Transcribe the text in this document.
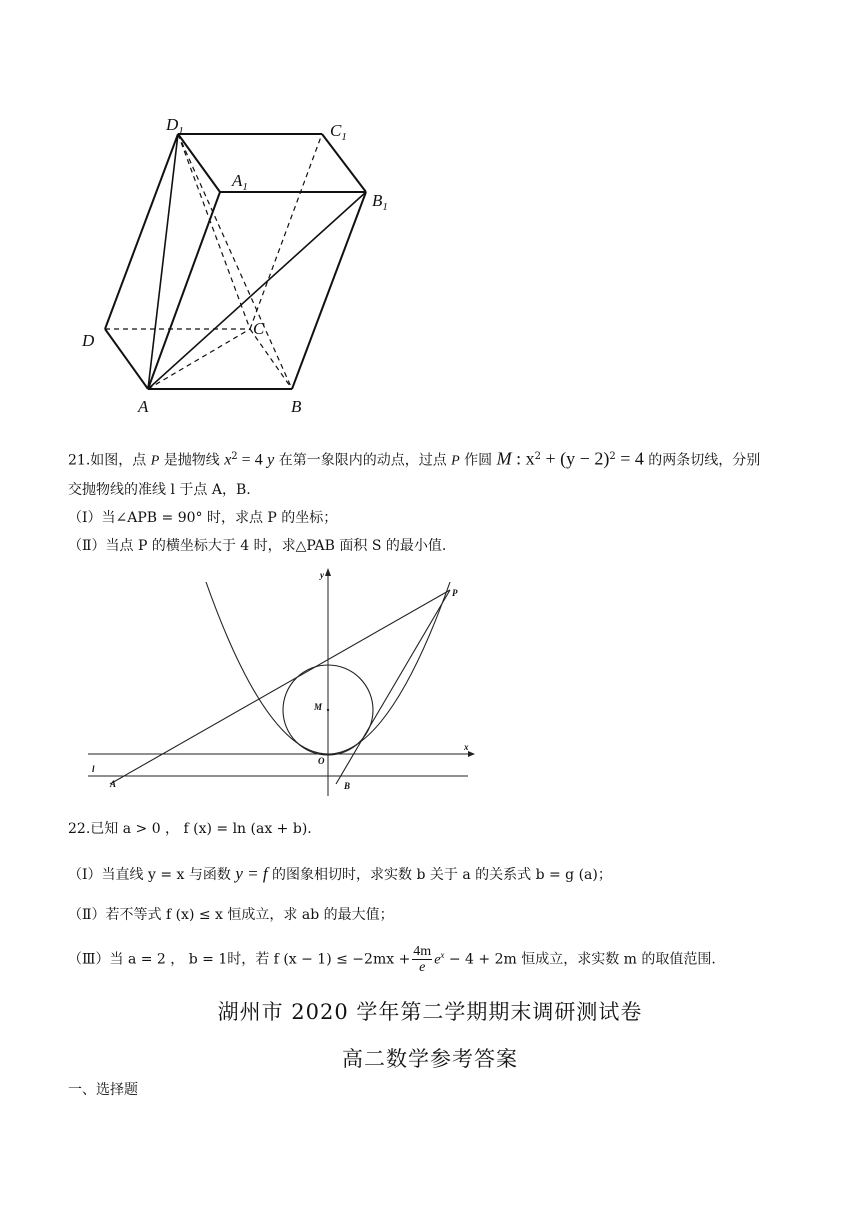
$D_1$	$C_1$
$A_1$
$B_1$
D
C
A	B
21.如图，点 P 是抛物线 $x^2 = 4$ y 在第一象限内的动点，过点 P 作圆 M : $x^2 + (y - 2)^2 = 4$ 的两条切线，分别
交抛物线的准线 l 于点 A，B.
（Ⅰ）当∠APB = 90° 时，求点 P 的坐标；
（Ⅱ）当点 P 的横坐标大于 4 时，求△PAB 面积 S 的最小值.
y
x
P
M
O
l
A	B
22.已知 a > 0 ， f (x) = ln (ax + b).
（Ⅰ）当直线 y = x 与函数 y = f 的图象相切时，求实数 b 关于 a 的关系式 b = g (a)；
（Ⅱ）若不等式 f (x) ≤ x 恒成立，求 ab 的最大值；
（Ⅲ）当 a = 2 ， b = 1时，若 f $(x - 1) \le -2mx + \frac{4m}{e} e^x - 4 + 2m$ 恒成立，求实数 m 的取值范围.
湖州市 2020 学年第二学期期末调研测试卷
高二数学参考答案
一、选择题
